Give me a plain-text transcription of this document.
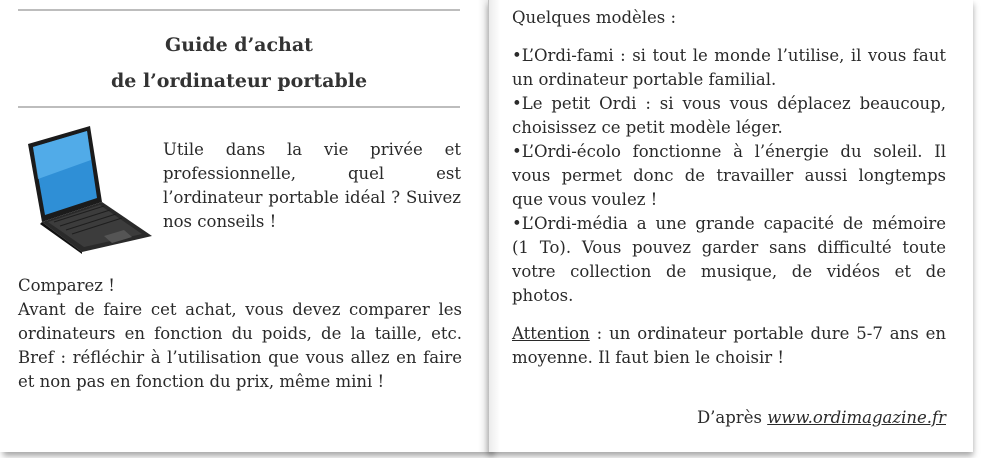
Guide d’achat
de l’ordinateur portable
Utile dans la vie privée et professionnelle, quel est l’ordinateur portable idéal ? Suivez nos conseils !

Comparez !

Avant de faire cet achat, vous devez comparer les ordinateurs en fonction du poids, de la taille, etc. Bref : réfléchir à l’utilisation que vous allez en faire et non pas en fonction du prix, même mini !

Quelques modèles :

•L’Ordi-fami : si tout le monde l’utilise, il vous faut un ordinateur portable familial.

•Le petit Ordi : si vous vous déplacez beaucoup, choisissez ce petit modèle léger.

•L’Ordi-écolo fonctionne à l’énergie du soleil. Il vous permet donc de travailler aussi longtemps que vous voulez !

•L’Ordi-média a une grande capacité de mémoire (1 To). Vous pouvez garder sans difficulté toute votre collection de musique, de vidéos et de photos.

Attention : un ordinateur portable dure 5-7 ans en moyenne. Il faut bien le choisir !

D’après www.ordimagazine.fr
